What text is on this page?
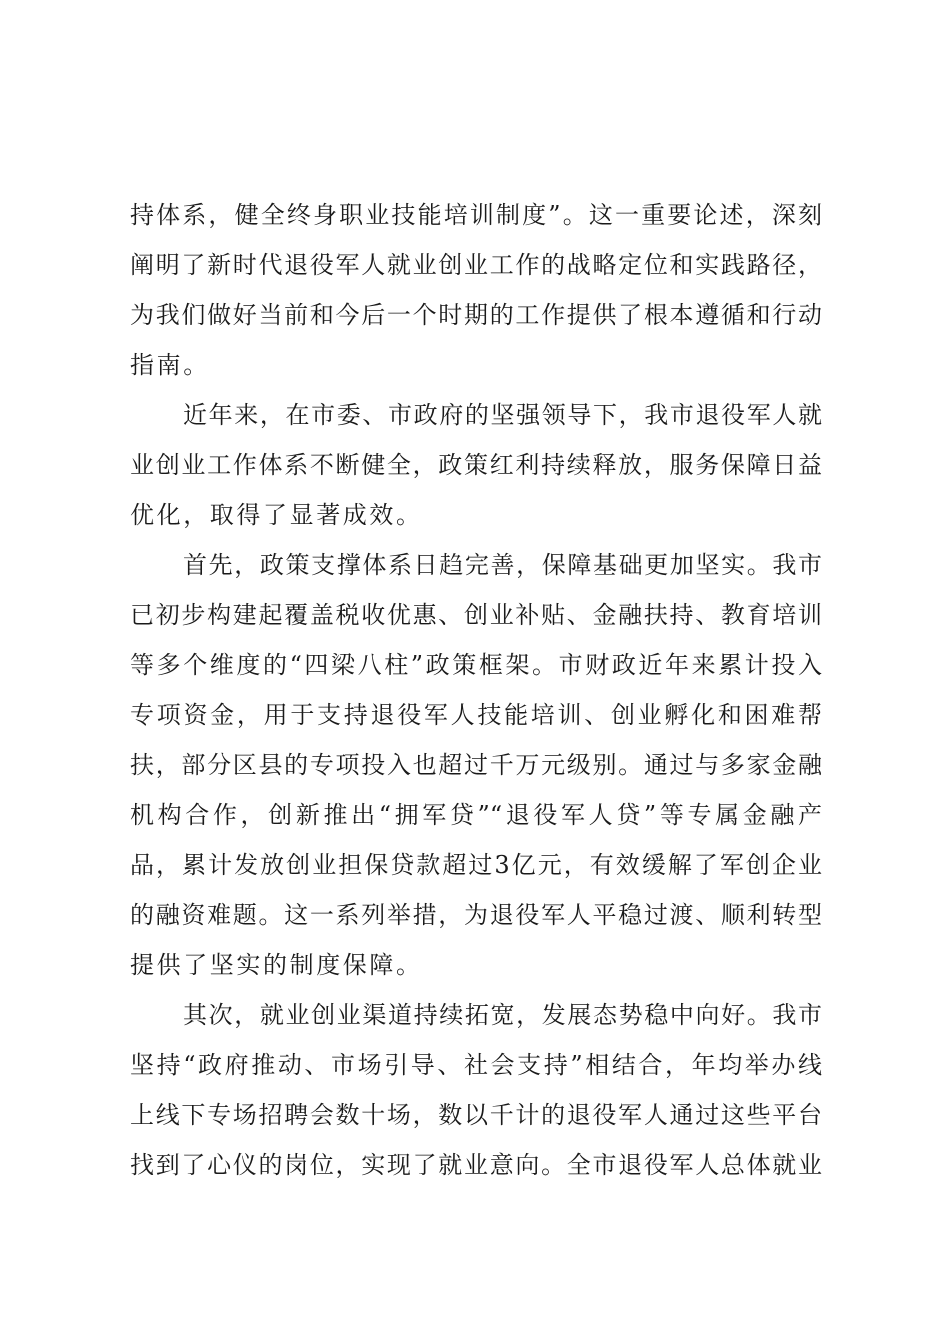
持体系，健全终身职业技能培训制度”。这一重要论述，深刻
阐明了新时代退役军人就业创业工作的战略定位和实践路径，
为我们做好当前和今后一个时期的工作提供了根本遵循和行动
指南。
近年来，在市委、市政府的坚强领导下，我市退役军人就
业创业工作体系不断健全，政策红利持续释放，服务保障日益
优化，取得了显著成效。
首先，政策支撑体系日趋完善，保障基础更加坚实。我市
已初步构建起覆盖税收优惠、创业补贴、金融扶持、教育培训
等多个维度的“四梁八柱”政策框架。市财政近年来累计投入
专项资金，用于支持退役军人技能培训、创业孵化和困难帮
扶，部分区县的专项投入也超过千万元级别。通过与多家金融
机构合作，创新推出“拥军贷”“退役军人贷”等专属金融产
品，累计发放创业担保贷款超过3亿元，有效缓解了军创企业
的融资难题。这一系列举措，为退役军人平稳过渡、顺利转型
提供了坚实的制度保障。
其次，就业创业渠道持续拓宽，发展态势稳中向好。我市
坚持“政府推动、市场引导、社会支持”相结合，年均举办线
上线下专场招聘会数十场，数以千计的退役军人通过这些平台
找到了心仪的岗位，实现了就业意向。全市退役军人总体就业
